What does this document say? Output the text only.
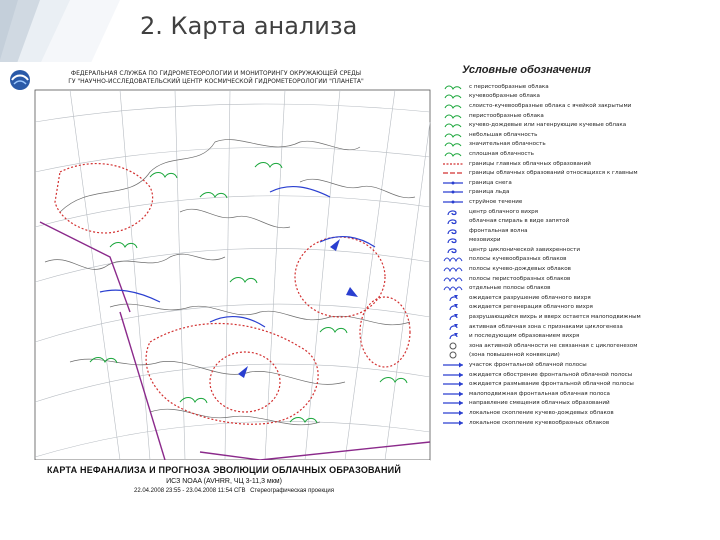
2. Карта анализа
ФЕДЕРАЛЬНАЯ СЛУЖБА ПО ГИДРОМЕТЕОРОЛОГИИ И МОНИТОРИНГУ ОКРУЖАЮЩЕЙ СРЕДЫ
ГУ "НАУЧНО-ИССЛЕДОВАТЕЛЬСКИЙ ЦЕНТР КОСМИЧЕСКОЙ ГИДРОМЕТЕОРОЛОГИИ "ПЛАНЕТА"
КАРТА НЕФАНАЛИЗА И ПРОГНОЗА ЭВОЛЮЦИИ ОБЛАЧНЫХ ОБРАЗОВАНИЙ
ИСЗ NOAA (AVHRR, ЧЦ 3-11,3 мкм)
22.04.2008 23:55 - 23.04.2008 11:54 СГВ Стереографическая проекция
Условные обозначения
с перистообразные облака
кучевообразные облака
слоисто-кучевообразные облака с ячейкой закрытыми
перистообразные облака
кучево-дождевые или нагенрующие кучевые облака
небольшая облачность
значительная облачность
сплошная облачность
границы главных облачных образований
границы облачных образований относящихся к главным
граница снега
граница льда
струйное течение
центр облачного вихря
облачная спираль в виде запятой
фронтальная волна
мезовихри
центр циклонической завихренности
полосы кучевообразных облаков
полосы кучево-дождевых облаков
полосы перистообразных облаков
отдельные полосы облаков
ожидается разрушение облачного вихря
ожидается регенерация облачного вихря
разрушающийся вихрь и вверх остается малоподвижным
активная облачная зона с признаками циклогенеза
и последующим образованием вихря
зона активной облачности не связанная с циклогенезом
(зона повышенной конвекции)
участок фронтальной облачной полосы
ожидается обострение фронтальной облачной полосы
ожидается размывание фронтальной облачной полосы
малоподвижная фронтальная облачная полоса
направление смещения облачных образований
локальное скопление кучево-дождевых облаков
локальное скопление кучевообразных облаков
